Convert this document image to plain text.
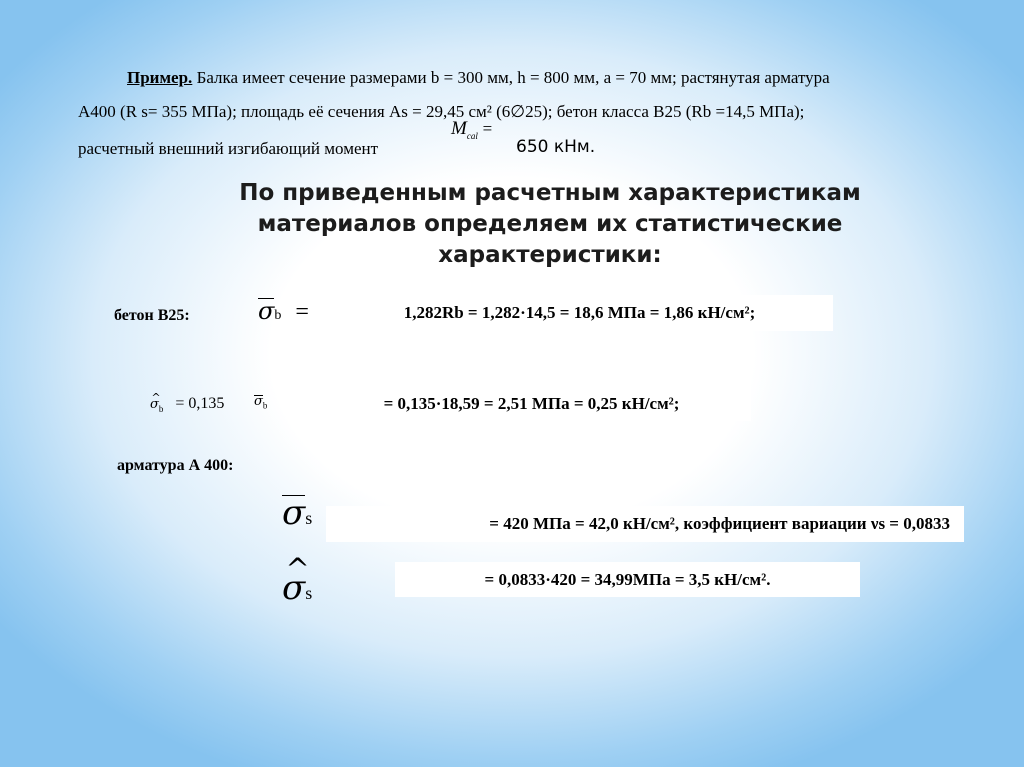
Пример. Балка имеет сечение размерами b = 300 мм, h = 800 мм, a = 70 мм; растянутая арматура
А400 (R s= 355 МПа); площадь её сечения As = 29,45 см² (6∅25); бетон класса В25 (Rb =14,5 МПа);
расчетный внешний изгибающий момент
$M_{cal}$ =
650 кНм.
По приведенным расчетным характеристикам
материалов определяем их статистические
характеристики:
бетон В25:	σb =	1,282Rb = 1,282·14,5 = 18,6 МПа = 1,86 кН/см²;
^ $\sigma_b = 0,135$ $\sigma_b$	= 0,135·18,59 = 2,51 МПа = 0,25 кН/см²;
арматура А 400:
σs	= 420 МПа = 42,0 кН/см², коэффициент вариации νs = 0,0833
^ σs
= 0,0833·420 = 34,99МПа = 3,5 кН/см².
